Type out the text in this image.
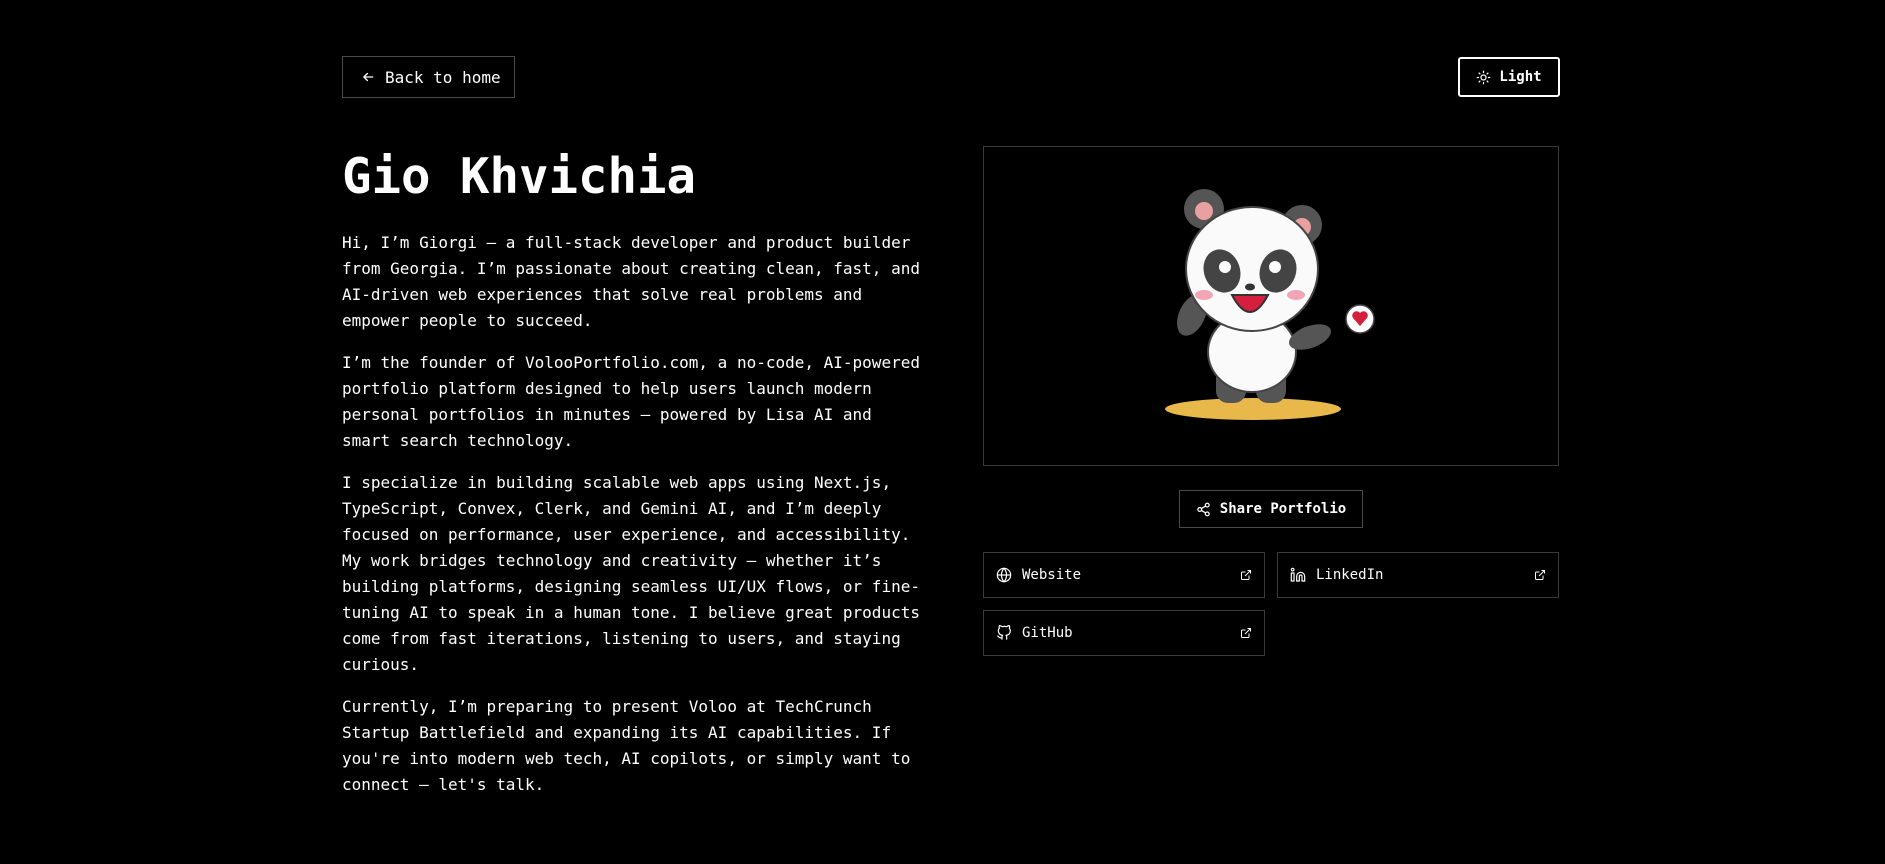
Back to home	Light
Gio Khvichia

Hi, I’m Giorgi — a full-stack developer and product builder
from Georgia. I’m passionate about creating clean, fast, and
AI-driven web experiences that solve real problems and
empower people to succeed.

I’m the founder of VolooPortfolio.com, a no-code, AI-powered
portfolio platform designed to help users launch modern
personal portfolios in minutes — powered by Lisa AI and
smart search technology.

I specialize in building scalable web apps using Next.js,
TypeScript, Convex, Clerk, and Gemini AI, and I’m deeply
focused on performance, user experience, and accessibility.
My work bridges technology and creativity — whether it’s
building platforms, designing seamless UI/UX flows, or fine-
tuning AI to speak in a human tone. I believe great products
come from fast iterations, listening to users, and staying
curious.

Currently, I’m preparing to present Voloo at TechCrunch
Startup Battlefield and expanding its AI capabilities. If
you're into modern web tech, AI copilots, or simply want to
connect — let's talk.

Share Portfolio
Website	LinkedIn
GitHub
